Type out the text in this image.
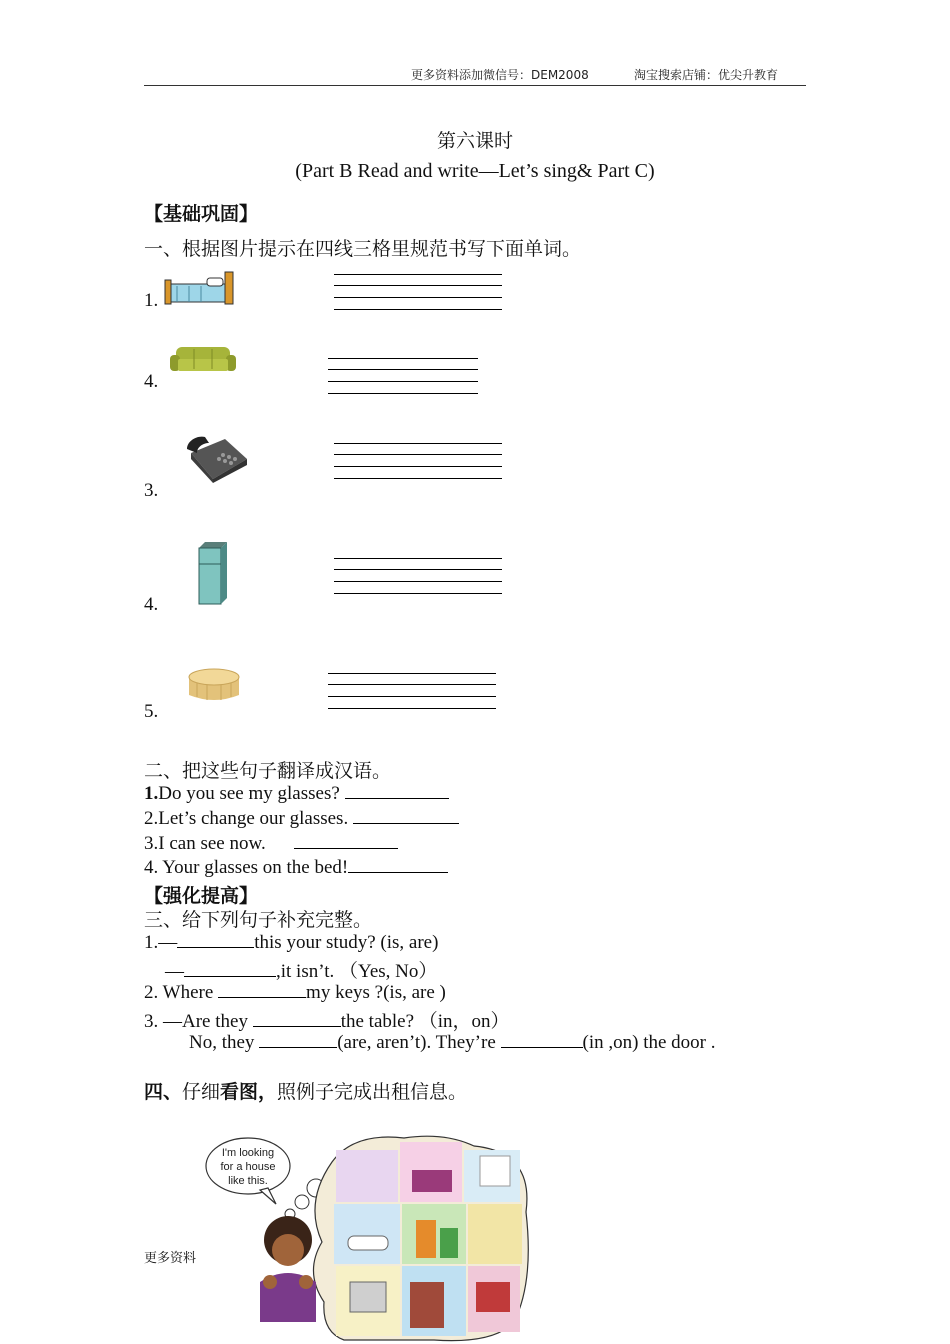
更多资料添加微信号：DEM2008	淘宝搜索店铺：优尖升教育
第六课时
(Part B Read and write—Let’s sing& Part C)
【基础巩固】
一、根据图片提示在四线三格里规范书写下面单词。
1.
4.
3.
4.
5.
二、把这些句子翻译成汉语。
1.Do you see my glasses?
2.Let’s change our glasses.
3.I can see now.
4. Your glasses on the bed!
【强化提高】
三、给下列句子补充完整。
1.—	this your study? (is, are)
—	,it isn’t. （Yes, No）
2. Where	my keys ?(is, are )
3. —Are they	the table? （in，on）
No, they	(are, aren’t). They’re	(in ,on) the door .
四、仔细看图，照例子完成出租信息。
I'm looking
for a house
like this.
更多资料
